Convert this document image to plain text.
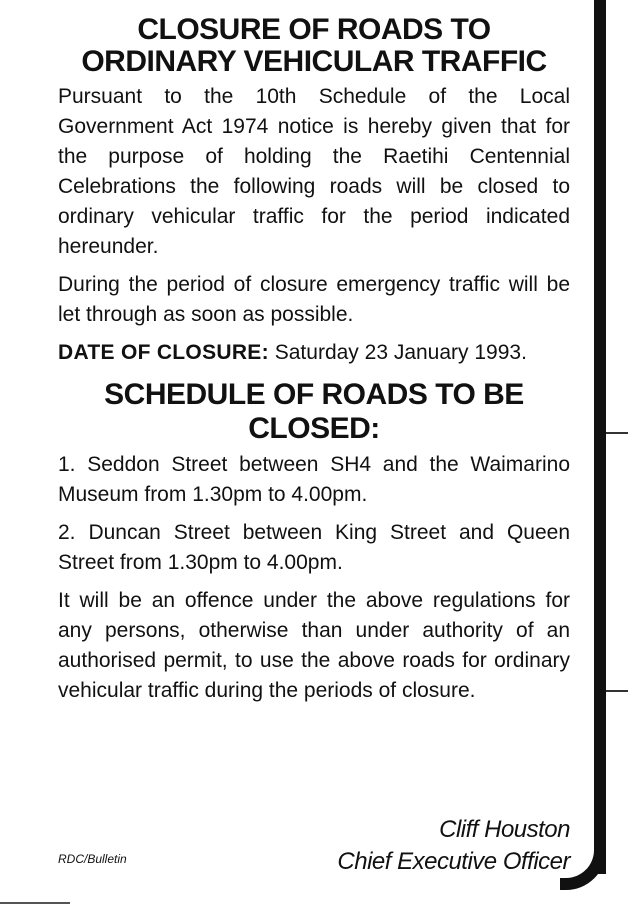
CLOSURE OF ROADS TO ORDINARY VEHICULAR TRAFFIC

Pursuant to the 10th Schedule of the Local Government Act 1974 notice is hereby given that for the purpose of holding the Raetihi Centennial Celebrations the following roads will be closed to ordinary vehicular traffic for the period indicated hereunder.

During the period of closure emergency traffic will be let through as soon as possible.

DATE OF CLOSURE: Saturday 23 January 1993.

SCHEDULE OF ROADS TO BE CLOSED:

1. Seddon Street between SH4 and the Waimarino Museum from 1.30pm to 4.00pm.

2. Duncan Street between King Street and Queen Street from 1.30pm to 4.00pm.

It will be an offence under the above regulations for any persons, otherwise than under authority of an authorised permit, to use the above roads for ordinary vehicular traffic during the periods of closure.

Cliff Houston
Chief Executive Officer
RDC/Bulletin
